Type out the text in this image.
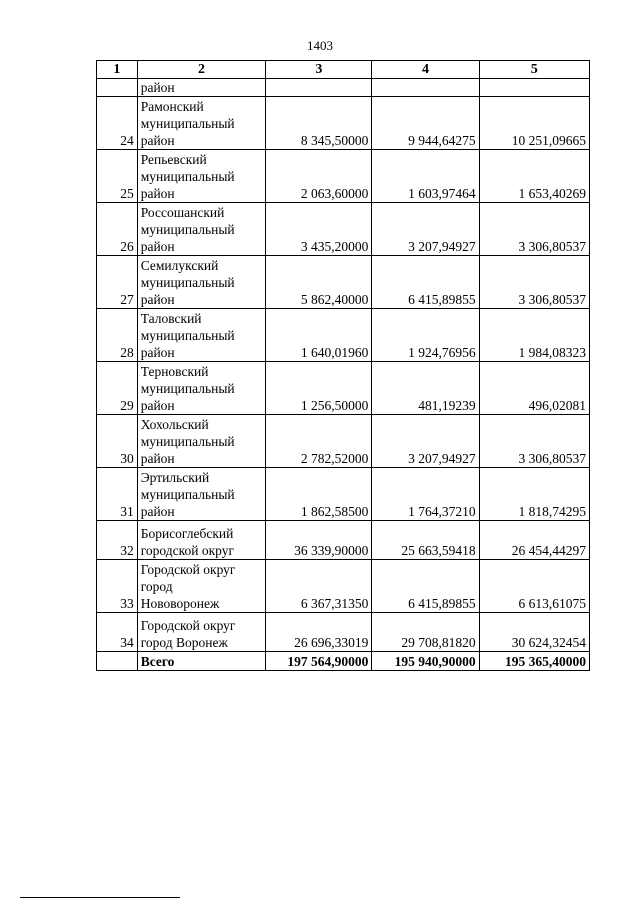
1403
1	2	3	4	5
	район			
24	Рамонский
муниципальный
район	8 345,50000	9 944,64275	10 251,09665
25	Репьевский
муниципальный
район	2 063,60000	1 603,97464	1 653,40269
26	Россошанский
муниципальный
район	3 435,20000	3 207,94927	3 306,80537
27	Семилукский
муниципальный
район	5 862,40000	6 415,89855	3 306,80537
28	Таловский
муниципальный
район	1 640,01960	1 924,76956	1 984,08323
29	Терновский
муниципальный
район	1 256,50000	481,19239	496,02081
30	Хохольский
муниципальный
район	2 782,52000	3 207,94927	3 306,80537
31	Эртильский
муниципальный
район	1 862,58500	1 764,37210	1 818,74295
32	Борисоглебский
городской округ	36 339,90000	25 663,59418	26 454,44297
33	Городской округ
город
Нововоронеж	6 367,31350	6 415,89855	6 613,61075
34	Городской округ
город Воронеж	26 696,33019	29 708,81820	30 624,32454
	Всего	197 564,90000	195 940,90000	195 365,40000
